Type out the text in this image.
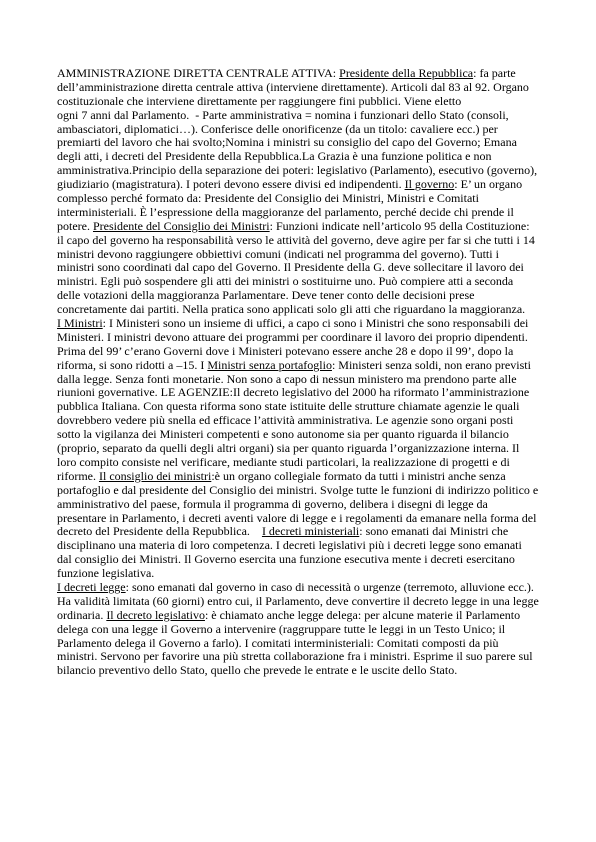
AMMINISTRAZIONE DIRETTA CENTRALE ATTIVA: Presidente della Repubblica: fa parte
dell’amministrazione diretta centrale attiva (interviene direttamente). Articoli dal 83 al 92. Organo
costituzionale che interviene direttamente per raggiungere fini pubblici. Viene eletto
ogni 7 anni dal Parlamento.  - Parte amministrativa = nomina i funzionari dello Stato (consoli,
ambasciatori, diplomatici…). Conferisce delle onorificenze (da un titolo: cavaliere ecc.) per
premiarti del lavoro che hai svolto;Nomina i ministri su consiglio del capo del Governo; Emana
degli atti, i decreti del Presidente della Repubblica.La Grazia è una funzione politica e non
amministrativa.Principio della separazione dei poteri: legislativo (Parlamento), esecutivo (governo),
giudiziario (magistratura). I poteri devono essere divisi ed indipendenti. Il governo: E’ un organo
complesso perché formato da: Presidente del Consiglio dei Ministri, Ministri e Comitati
interministeriali. È l’espressione della maggioranze del parlamento, perché decide chi prende il
potere. Presidente del Consiglio dei Ministri: Funzioni indicate nell’articolo 95 della Costituzione:
il capo del governo ha responsabilità verso le attività del governo, deve agire per far si che tutti i 14
ministri devono raggiungere obbiettivi comuni (indicati nel programma del governo). Tutti i
ministri sono coordinati dal capo del Governo. Il Presidente della G. deve sollecitare il lavoro dei
ministri. Egli può sospendere gli atti dei ministri o sostituirne uno. Può compiere atti a seconda
delle votazioni della maggioranza Parlamentare. Deve tener conto delle decisioni prese
concretamente dai partiti. Nella pratica sono applicati solo gli atti che riguardano la maggioranza.
I Ministri: I Ministeri sono un insieme di uffici, a capo ci sono i Ministri che sono responsabili dei
Ministeri. I ministri devono attuare dei programmi per coordinare il lavoro dei proprio dipendenti.
Prima del 99’ c’erano Governi dove i Ministeri potevano essere anche 28 e dopo il 99’, dopo la
riforma, si sono ridotti a –15. I Ministri senza portafoglio: Ministeri senza soldi, non erano previsti
dalla legge. Senza fonti monetarie. Non sono a capo di nessun ministero ma prendono parte alle
riunioni governative. LE AGENZIE:Il decreto legislativo del 2000 ha riformato l’amministrazione
pubblica Italiana. Con questa riforma sono state istituite delle strutture chiamate agenzie le quali
dovrebbero vedere più snella ed efficace l’attività amministrativa. Le agenzie sono organi posti
sotto la vigilanza dei Ministeri competenti e sono autonome sia per quanto riguarda il bilancio
(proprio, separato da quelli degli altri organi) sia per quanto riguarda l’organizzazione interna. Il
loro compito consiste nel verificare, mediante studi particolari, la realizzazione di progetti e di
riforme. Il consiglio dei ministri:è un organo collegiale formato da tutti i ministri anche senza
portafoglio e dal presidente del Consiglio dei ministri. Svolge tutte le funzioni di indirizzo politico e
amministrativo del paese, formula il programma di governo, delibera i disegni di legge da
presentare in Parlamento, i decreti aventi valore di legge e i regolamenti da emanare nella forma del
decreto del Presidente della Repubblica.    I decreti ministeriali: sono emanati dai Ministri che
disciplinano una materia di loro competenza. I decreti legislativi più i decreti legge sono emanati
dal consiglio dei Ministri. Il Governo esercita una funzione esecutiva mente i decreti esercitano
funzione legislativa.
I decreti legge: sono emanati dal governo in caso di necessità o urgenze (terremoto, alluvione ecc.).
Ha validità limitata (60 giorni) entro cui, il Parlamento, deve convertire il decreto legge in una legge
ordinaria. Il decreto legislativo: è chiamato anche legge delega: per alcune materie il Parlamento
delega con una legge il Governo a intervenire (raggruppare tutte le leggi in un Testo Unico; il
Parlamento delega il Governo a farlo). I comitati interministeriali: Comitati composti da più
ministri. Servono per favorire una più stretta collaborazione fra i ministri. Esprime il suo parere sul
bilancio preventivo dello Stato, quello che prevede le entrate e le uscite dello Stato.
